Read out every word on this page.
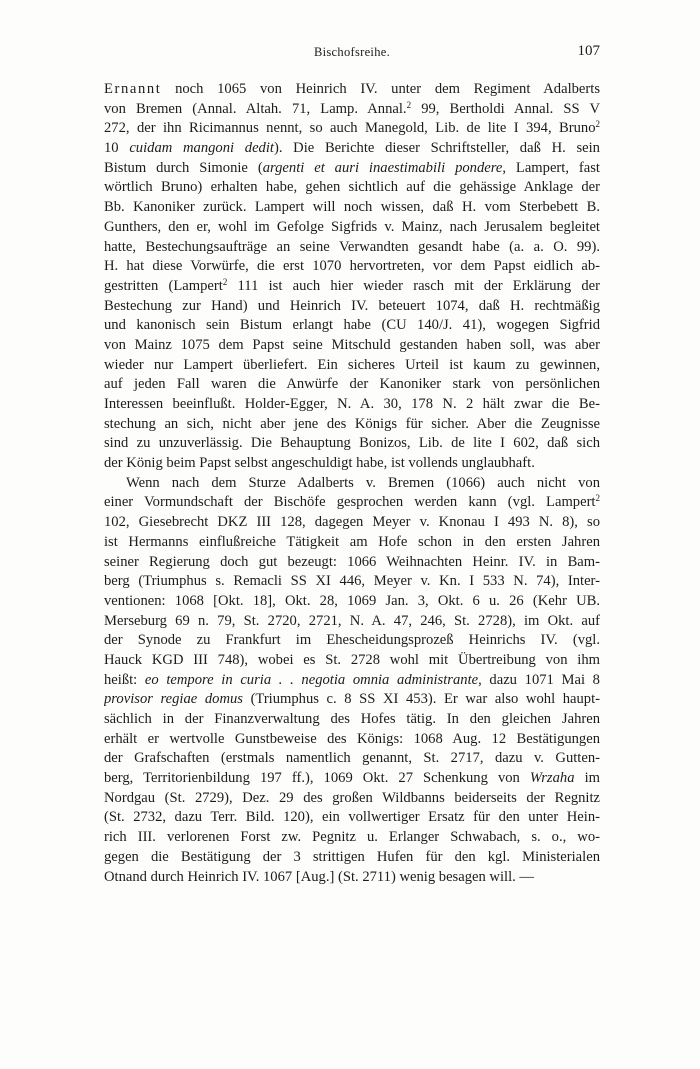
Bischofsreihe.	107
Ernannt noch 1065 von Heinrich IV. unter dem Regiment Adalberts
von Bremen (Annal. Altah. 71, Lamp. Annal.$^2$ 99, Bertholdi Annal. SS V
272, der ihn Ricimannus nennt, so auch Manegold, Lib. de lite I 394, Bruno$^2$
10 cuidam mangoni dedit). Die Berichte dieser Schriftsteller, daß H. sein
Bistum durch Simonie (argenti et auri inaestimabili pondere, Lampert, fast
wörtlich Bruno) erhalten habe, gehen sichtlich auf die gehässige Anklage der
Bb. Kanoniker zurück. Lampert will noch wissen, daß H. vom Sterbebett B.
Gunthers, den er, wohl im Gefolge Sigfrids v. Mainz, nach Jerusalem begleitet
hatte, Bestechungsaufträge an seine Verwandten gesandt habe (a. a. O. 99).
H. hat diese Vorwürfe, die erst 1070 hervortreten, vor dem Papst eidlich ab-
gestritten (Lampert$^2$ 111 ist auch hier wieder rasch mit der Erklärung der
Bestechung zur Hand) und Heinrich IV. beteuert 1074, daß H. rechtmäßig
und kanonisch sein Bistum erlangt habe (CU 140/J. 41), wogegen Sigfrid
von Mainz 1075 dem Papst seine Mitschuld gestanden haben soll, was aber
wieder nur Lampert überliefert. Ein sicheres Urteil ist kaum zu gewinnen,
auf jeden Fall waren die Anwürfe der Kanoniker stark von persönlichen
Interessen beeinflußt. Holder-Egger, N. A. 30, 178 N. 2 hält zwar die Be-
stechung an sich, nicht aber jene des Königs für sicher. Aber die Zeugnisse
sind zu unzuverlässig. Die Behauptung Bonizos, Lib. de lite I 602, daß sich
der König beim Papst selbst angeschuldigt habe, ist vollends unglaubhaft.
Wenn nach dem Sturze Adalberts v. Bremen (1066) auch nicht von
einer Vormundschaft der Bischöfe gesprochen werden kann (vgl. Lampert$^2$
102, Giesebrecht DKZ III 128, dagegen Meyer v. Knonau I 493 N. 8), so
ist Hermanns einflußreiche Tätigkeit am Hofe schon in den ersten Jahren
seiner Regierung doch gut bezeugt: 1066 Weihnachten Heinr. IV. in Bam-
berg (Triumphus s. Remacli SS XI 446, Meyer v. Kn. I 533 N. 74), Inter-
ventionen: 1068 [Okt. 18], Okt. 28, 1069 Jan. 3, Okt. 6 u. 26 (Kehr UB.
Merseburg 69 n. 79, St. 2720, 2721, N. A. 47, 246, St. 2728), im Okt. auf
der Synode zu Frankfurt im Ehescheidungsprozeß Heinrichs IV. (vgl.
Hauck KGD III 748), wobei es St. 2728 wohl mit Übertreibung von ihm
heißt: eo tempore in curia . . negotia omnia administrante, dazu 1071 Mai 8
provisor regiae domus (Triumphus c. 8 SS XI 453). Er war also wohl haupt-
sächlich in der Finanzverwaltung des Hofes tätig. In den gleichen Jahren
erhält er wertvolle Gunstbeweise des Königs: 1068 Aug. 12 Bestätigungen
der Grafschaften (erstmals namentlich genannt, St. 2717, dazu v. Gutten-
berg, Territorienbildung 197 ff.), 1069 Okt. 27 Schenkung von Wrzaha im
Nordgau (St. 2729), Dez. 29 des großen Wildbanns beiderseits der Regnitz
(St. 2732, dazu Terr. Bild. 120), ein vollwertiger Ersatz für den unter Hein-
rich III. verlorenen Forst zw. Pegnitz u. Erlanger Schwabach, s. o., wo-
gegen die Bestätigung der 3 strittigen Hufen für den kgl. Ministerialen
Otnand durch Heinrich IV. 1067 [Aug.] (St. 2711) wenig besagen will. —
